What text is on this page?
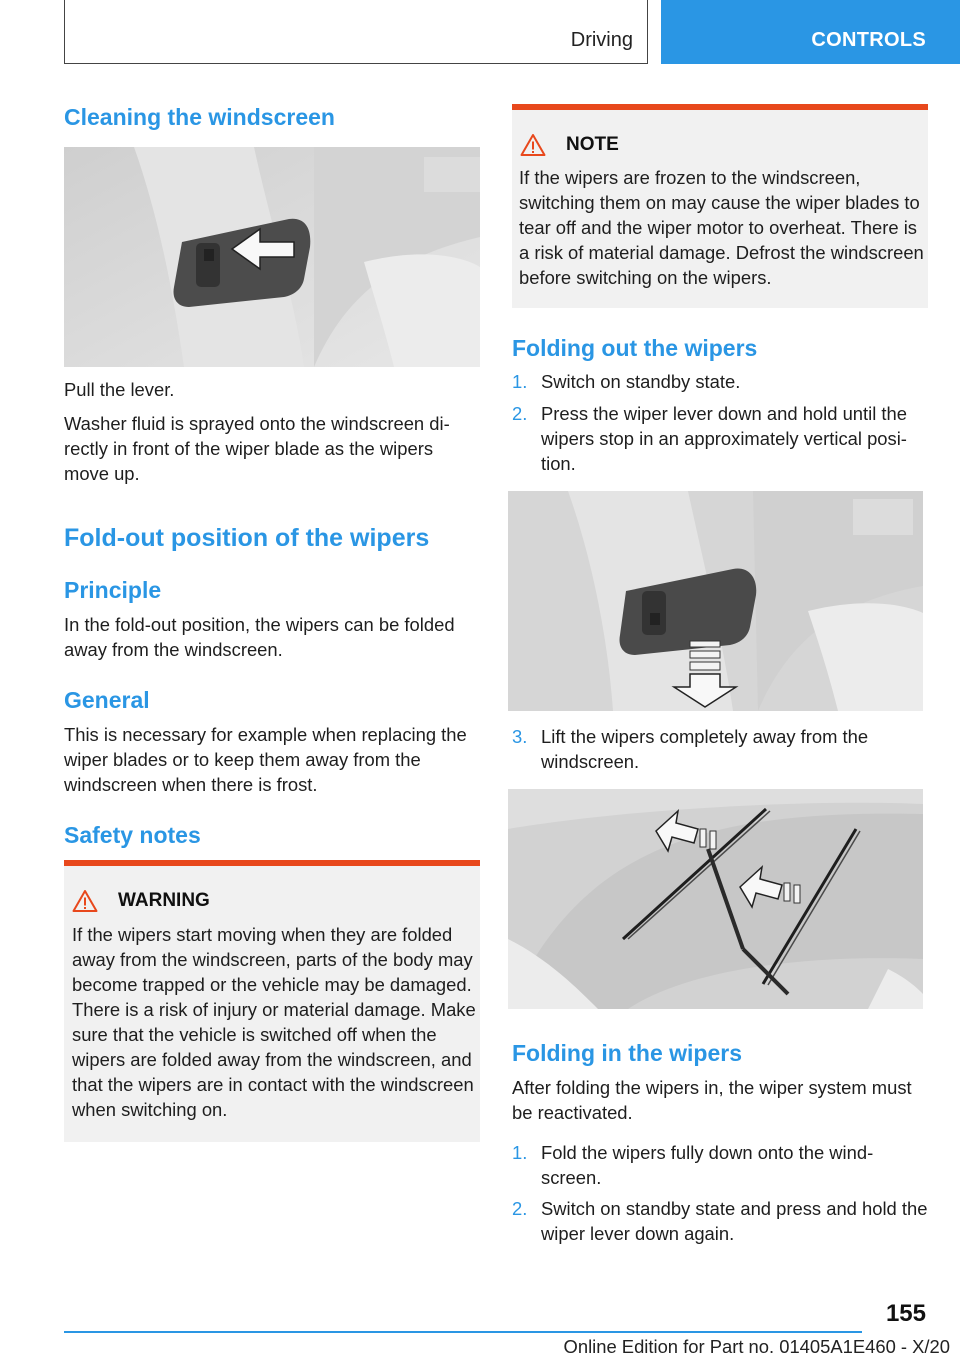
Driving	CONTROLS
Cleaning the windscreen

Pull the lever.

Washer fluid is sprayed onto the windscreen di-rectly in front of the wiper blade as the wipers move up.

Fold-out position of the wipers
Principle

In the fold-out position, the wipers can be folded away from the windscreen.

General

This is necessary for example when replacing the wiper blades or to keep them away from the windscreen when there is frost.

Safety notes
WARNING

If the wipers start moving when they are folded away from the windscreen, parts of the body may become trapped or the vehicle may be damaged. There is a risk of injury or material damage. Make sure that the vehicle is switched off when the wipers are folded away from the windscreen, and that the wipers are in contact with the windscreen when switching on.

NOTE

If the wipers are frozen to the windscreen, switching them on may cause the wiper blades to tear off and the wiper motor to overheat. There is a risk of material damage. Defrost the windscreen before switching on the wipers.

Folding out the wipers
1. Switch on standby state.
2. Press the wiper lever down and hold until the wipers stop in an approximately vertical posi-tion.
3. Lift the wipers completely away from the windscreen.
Folding in the wipers

After folding the wipers in, the wiper system must be reactivated.

1. Fold the wipers fully down onto the wind-screen.
2. Switch on standby state and press and hold the wiper lever down again.
155
Online Edition for Part no. 01405A1E460 - X/20
